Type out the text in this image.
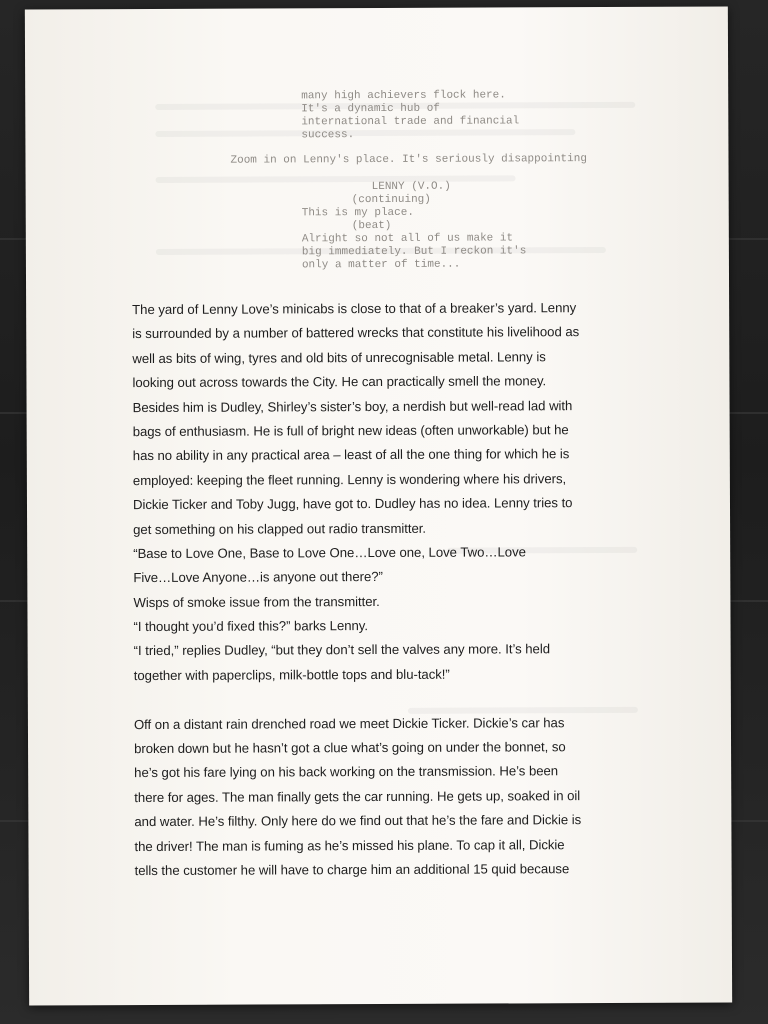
many high achievers flock here.

It's a dynamic hub of

international trade and financial

success.

Zoom in on Lenny's place. It's seriously disappointing

LENNY (V.O.)

(continuing)

This is my place.

(beat)

Alright so not all of us make it

big immediately. But I reckon it's

only a matter of time...

The yard of Lenny Love’s minicabs is close to that of a breaker’s yard. Lenny
is surrounded by a number of battered wrecks that constitute his livelihood as
well as bits of wing, tyres and old bits of unrecognisable metal. Lenny is
looking out across towards the City. He can practically smell the money.
Besides him is Dudley, Shirley’s sister’s boy, a nerdish but well-read lad with
bags of enthusiasm. He is full of bright new ideas (often unworkable) but he
has no ability in any practical area – least of all the one thing for which he is
employed: keeping the fleet running. Lenny is wondering where his drivers,
Dickie Ticker and Toby Jugg, have got to. Dudley has no idea. Lenny tries to
get something on his clapped out radio transmitter.
“Base to Love One, Base to Love One…Love one, Love Two…Love
Five…Love Anyone…is anyone out there?”
Wisps of smoke issue from the transmitter.
“I thought you’d fixed this?” barks Lenny.
“I tried,” replies Dudley, “but they don’t sell the valves any more. It’s held
together with paperclips, milk-bottle tops and blu-tack!”
Off on a distant rain drenched road we meet Dickie Ticker. Dickie’s car has
broken down but he hasn’t got a clue what’s going on under the bonnet, so
he’s got his fare lying on his back working on the transmission. He’s been
there for ages. The man finally gets the car running. He gets up, soaked in oil
and water. He’s filthy. Only here do we find out that he’s the fare and Dickie is
the driver! The man is fuming as he’s missed his plane. To cap it all, Dickie
tells the customer he will have to charge him an additional 15 quid because
